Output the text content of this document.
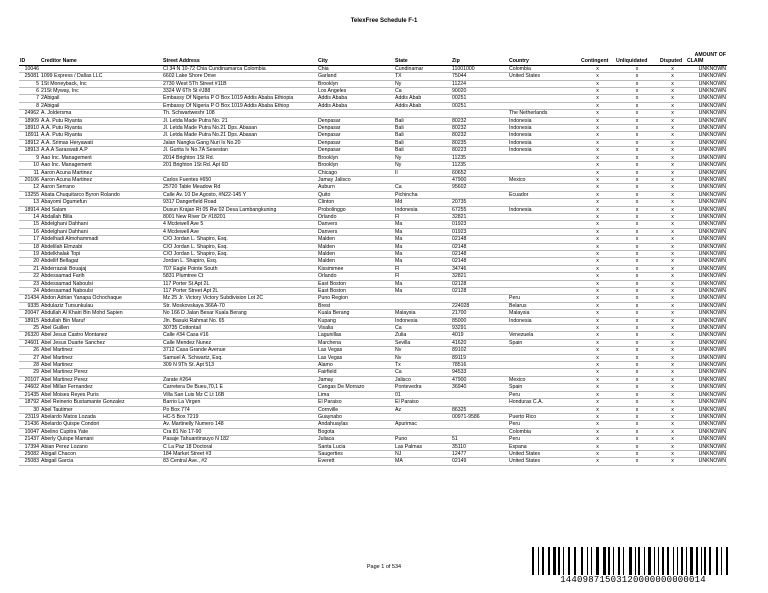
TelexFree Schedule F-1
ID	Creditor Name	Street Address	City	State	Zip	Country	Contingent	Unliquidated	Disputed	AMOUNT OF
CLAIM

10046		Cl 34 N 10-72 Chia Cundinamarca Colombia	Chia	Cundinamar	11001000	Colombia	x	x	x	UNKNOWN
25081	1099 Express / Dallas LLC	6602 Lake Shore Drive	Garland	TX	75044	United States	x	x	x	UNKNOWN
5	1St Moneyback, Inc	2730 West 5Th Street #11B	Brooklyn	Ny	11224		x	x	x	UNKNOWN
6	21St Myway, Inc	3324 W 6Th St #J88	Los Angeles	Ca	90020		x	x	x	UNKNOWN
7	2Abigail	Embassy Of Nigeria P O Box 1019 Addis Ababa Ethiopia	Addis Ababa	Addis Abab	00251		x	x	x	UNKNOWN
8	2Abigail	Embassy Of Nigeria P O Box 1019 Addis Ababa Ethiop	Addis Ababa	Addis Abab	00251		x	x	x	UNKNOWN
24962	A. Joldersma	Th. Schwartweshr 108				The Netherlands	x	x	x	UNKNOWN
18909	A.A. Putu Riyanta	Jl. Letda Made Putra No. 21	Denpasar	Bali	80232	Indonesia	x	x	x	UNKNOWN
18910	A.A. Putu Riyanta	Jl. Letda Made Putra No.21 Dps. Abasan	Denpasar	Bali	80232	Indonesia	x	x	x	UNKNOWN
18911	A.A. Putu Riyanta	Jl. Letda Made Putra No.21 Dps. Abasan	Denpasar	Bali	80232	Indonesia	x	x	x	UNKNOWN
18912	A.A. Srimas Heryawati	Jalan Nangka Gang Nuri Ix No.20	Denpasar	Bali	80235	Indonesia	x	x	x	UNKNOWN
18913	A.A.A Saraswati A.P	Jl. Gurita Iv No.7A Sesestan	Denpasar	Bali	80223	Indonesia	x	x	x	UNKNOWN
9	Aao Inc. Management	2014 Brighton 1St Rd.	Brooklyn	Ny	11235		x	x	x	UNKNOWN
10	Aao Inc. Management	201 Brighton 1St Rd. Apt 6D	Brooklyn	Ny	11235		x	x	x	UNKNOWN
11	Aaron Acuna Martinez		Chicago	Il	60652		x	x	x	UNKNOWN
20106	Aaron Acuna Martinez	Carlos Fuentes #650	Jamay Jalisco		47900	Mexico	x	x	x	UNKNOWN
12	Aaron Serrano	25720 Table Meadow Rd	Auburn	Ca	95602		x	x	x	UNKNOWN
13255	Abata Chuquitarco Byron Rolando	Calle Av. 10 De Agosto, #N22-145 Y	Quito	Pichincha		Ecuador	x	x	x	UNKNOWN
13	Abayomi Ogumefun	9317 Dangerfield Road	Clinton	Md	20735		x	x	x	UNKNOWN
18914	Abd Salam	Dusun Krajan Rt 05 Rw 02 Desa Lambangkuning	Probolinggo	Indonesia	67255	Indonesia	x	x	x	UNKNOWN
14	Abdallah Blila	8001 New River Dr #18201	Orlando	Fl	32821		x	x	x	UNKNOWN
15	Abdelghani Dahhani	4 Mcdewell Ave 5	Danvers	Ma	01923		x	x	x	UNKNOWN
16	Abdelghani Dahhani	4 Mcdewell Ave	Danvers	Ma	01923		x	x	x	UNKNOWN
17	Abdelhadi Almohammadi	C/O Jordan L. Shapiro, Esq.	Malden	Ma	02148		x	x	x	UNKNOWN
18	Abdelilah Elmzabi	C/O Jordan L. Shapiro, Esq.	Malden	Ma	02148		x	x	x	UNKNOWN
19	Abdelkhalak Topi	C/O Jordan L. Shapiro, Esq.	Malden	Ma	02148		x	x	x	UNKNOWN
20	Abdellif Bellagat	Jordan L. Shapiro, Esq.	Malden	Ma	02148		x	x	x	UNKNOWN
21	Abderrazak Bouajaj	707 Eagle Pointe South	Kissimmee	Fl	34746		x	x	x	UNKNOWN
22	Abdessamad Farih	5831 Plumtree Ct	Orlando	Fl	32821		x	x	x	UNKNOWN
23	Abdessamad Naboulsi	117 Porter St Apt 2L	East Boston	Ma	02128		x	x	x	UNKNOWN
24	Abdessamad Naboulsi	117 Porter Street Apt 2L	East Boston	Ma	02128		x	x	x	UNKNOWN
21434	Abdon Adrian Yanapa Ochochaque	Mz 25 Jr. Victory Victory Subdivision Lot 2C	Puno Region			Peru	x	x	x	UNKNOWN
9335	Abdulaziz Tursunkulau	Str. Moskovskaya 366A-70	Brest		224028	Belarus	x	x	x	UNKNOWN
20047	Abdullah Al Khairi Bin Mohd Sapien	No 166 D Jalan Besar Kuala Berang	Kuala Berang	Malaysia	21700	Malaysia	x	x	x	UNKNOWN
18915	Abdullah Bin Maruf	Jln. Basuki Rahmat No. 65	Kupang	Indonesia	85000	Indonesia	x	x	x	UNKNOWN
25	Abel Guillen	30735 Cottontail	Visalia	Ca	93291		x	x	x	UNKNOWN
26320	Abel Jesus Castro Montanez	Calle #34 Casa #16	Lagunillas	Zulia	4019	Venezuela	x	x	x	UNKNOWN
24601	Abel Jesus Duarte Sanchez	Calle Mendez Nunez	Marchena	Sevilla	41620	Spain	x	x	x	UNKNOWN
26	Abel Martinez	3712 Casa Grande Avenue	Las Vegas	Nv	89102		x	x	x	UNKNOWN
27	Abel Martinez	Samuel A. Schwartz, Esq.	Las Vegas	Nv	89119		x	x	x	UNKNOWN
28	Abel Martinez	309 N 9Th St. Apt 513	Alamo	Tx	78516		x	x	x	UNKNOWN
29	Abel Martinez Perez		Fairfield	Ca	94533		x	x	x	UNKNOWN
20107	Abel Martinez Perez	Zarate #264	Jamay	Jalisco	47900	Mexico	x	x	x	UNKNOWN
24602	Abel Millan Fernandez	Carretera De Bueu,70,1 E	Cangas De Morrazo	Pontevedra	36940	Spain	x	x	x	UNKNOWN
21435	Abel Moises Reyes Puris	Villa San Luis Mz C Lt 16B	Lima	01		Peru	x	x	x	UNKNOWN
18792	Abel Reinerio Bustamante Gonzalez	Barrio La Virgen	El Paraiso	El Paraiso		Honduras C.A.	x	x	x	UNKNOWN
30	Abel Tautimer	Po Box 774	Cornville	Az	86325		x	x	x	UNKNOWN
23119	Abelardo Matos Lozada	HC-5 Box 7219	Guaynabo		00971-9586	Puerto Rico	x	x	x	UNKNOWN
21436	Abelardo Quispe Condori	Av. Martinelly Numero 148	Andahuaylas	Apurimac		Peru	x	x	x	UNKNOWN
10047	Abelino Cupitra Yate	Cra 81 No 17-90	Bogota			Colombia	x	x	x	UNKNOWN
21437	Aberly Quispe Mamani	Pasaje Tahuantinsuyo N 182	Juliaca	Puno	51	Peru	x	x	x	UNKNOWN
17394	Abian Perez Lozano	C La Paz 18 Doctoral	Santa Lucia	Las Palmas	35110	Espana	x	x	x	UNKNOWN
25082	Abigail Chacon	184 Market Street #3	Saugerties	NJ	12477	United States	x	x	x	UNKNOWN
25083	Abigail Garcia	83 Central Ave., #2	Everett	MA	02149	United States	x	x	x	UNKNOWN
Page 1 of 534
14409871503120000000000014
